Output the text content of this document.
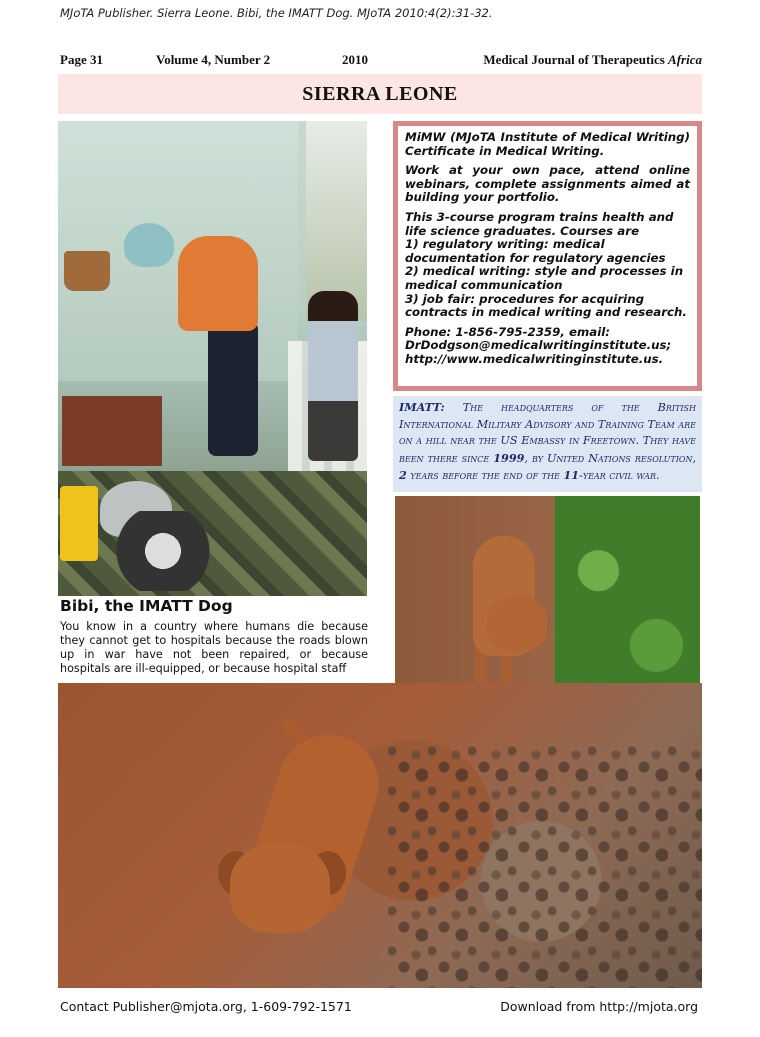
MJoTA Publisher. Sierra Leone. Bibi, the IMATT Dog. MJoTA 2010:4(2):31-32.
Page 31	Volume 4, Number 2	2010	Medical Journal of Therapeutics Africa
SIERRA LEONE
Bibi, the IMATT Dog
You know in a country where humans die because they cannot get to hospitals because the roads blown up in war have not been repaired, or because hospitals are ill-equipped, or because hospital staff

MiMW (MJoTA Institute of Medical Writing) Certificate in Medical Writing.

Work at your own pace, attend online webinars, complete assignments aimed at building your portfolio.

This 3-course program trains health and life science graduates. Courses are
1) regulatory writing: medical documentation for regulatory agencies
2) medical writing: style and processes in medical communication
3) job fair: procedures for acquiring contracts in medical writing and research.

Phone: 1-856-795-2359, email: DrDodgson@medicalwritinginstitute.us; http://www.medicalwritinginstitute.us.

IMATT: The headquarters of the British International Military Advisory and Training Team are on a hill near the US Embassy in Freetown. They have been there since 1999, by United Nations resolution, 2 years before the end of the 11-year civil war.
Contact Publisher@mjota.org, 1-609-792-1571	Download from http://mjota.org
